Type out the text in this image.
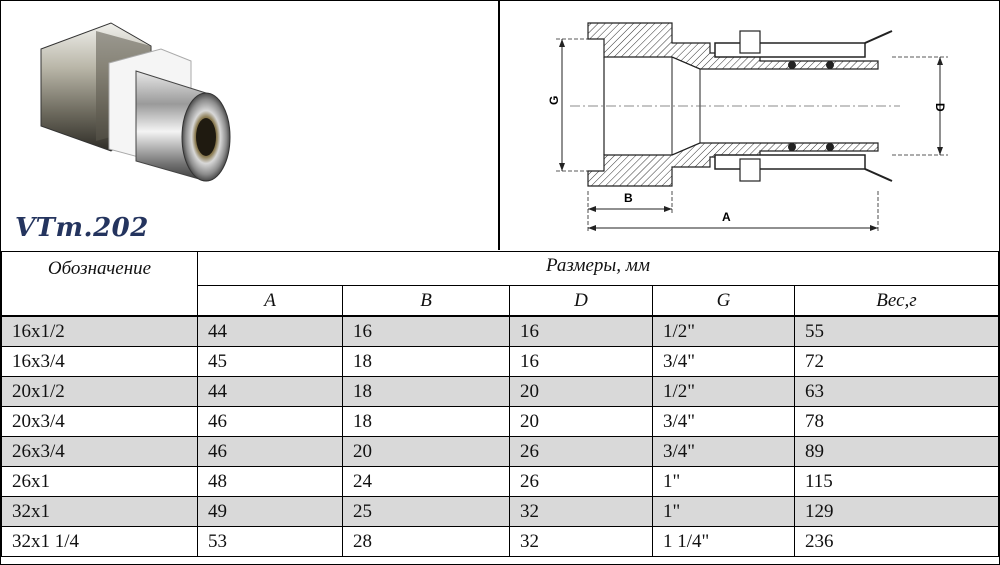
VTm.202
G
D
B
A
Обозначение	Размеры, мм				
	A	B	D	G	Вес,г
16x1/2	44	16	16	1/2"	55
16x3/4	45	18	16	3/4"	72
20x1/2	44	18	20	1/2"	63
20x3/4	46	18	20	3/4"	78
26x3/4	46	20	26	3/4"	89
26x1	48	24	26	1"	115
32x1	49	25	32	1"	129
32x1 1/4	53	28	32	1 1/4"	236
